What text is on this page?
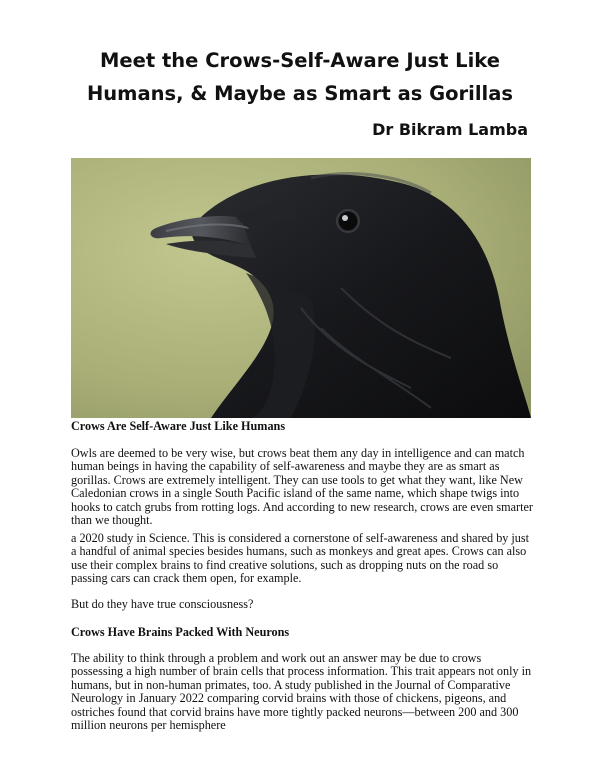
Meet the Crows-Self-Aware Just Like
Humans, & Maybe as Smart as Gorillas
Dr Bikram Lamba
Crows Are Self-Aware Just Like Humans
Owls are deemed to be very wise, but crows beat them any day in intelligence and can match human beings in having the capability of self-awareness and maybe they are as smart as gorillas. Crows are extremely intelligent. They can use tools to get what they want, like New Caledonian crows in a single South Pacific island of the same name, which shape twigs into hooks to catch grubs from rotting logs. And according to new research, crows are even smarter than we thought.
a 2020 study in Science. This is considered a cornerstone of self-awareness and shared by just a handful of animal species besides humans, such as monkeys and great apes. Crows can also use their complex brains to find creative solutions, such as dropping nuts on the road so passing cars can crack them open, for example.
But do they have true consciousness?
Crows Have Brains Packed With Neurons
The ability to think through a problem and work out an answer may be due to crows possessing a high number of brain cells that process information. This trait appears not only in humans, but in non-human primates, too. A study published in the Journal of Comparative Neurology in January 2022 comparing corvid brains with those of chickens, pigeons, and ostriches found that corvid brains have more tightly packed neurons—between 200 and 300 million neurons per hemisphere
